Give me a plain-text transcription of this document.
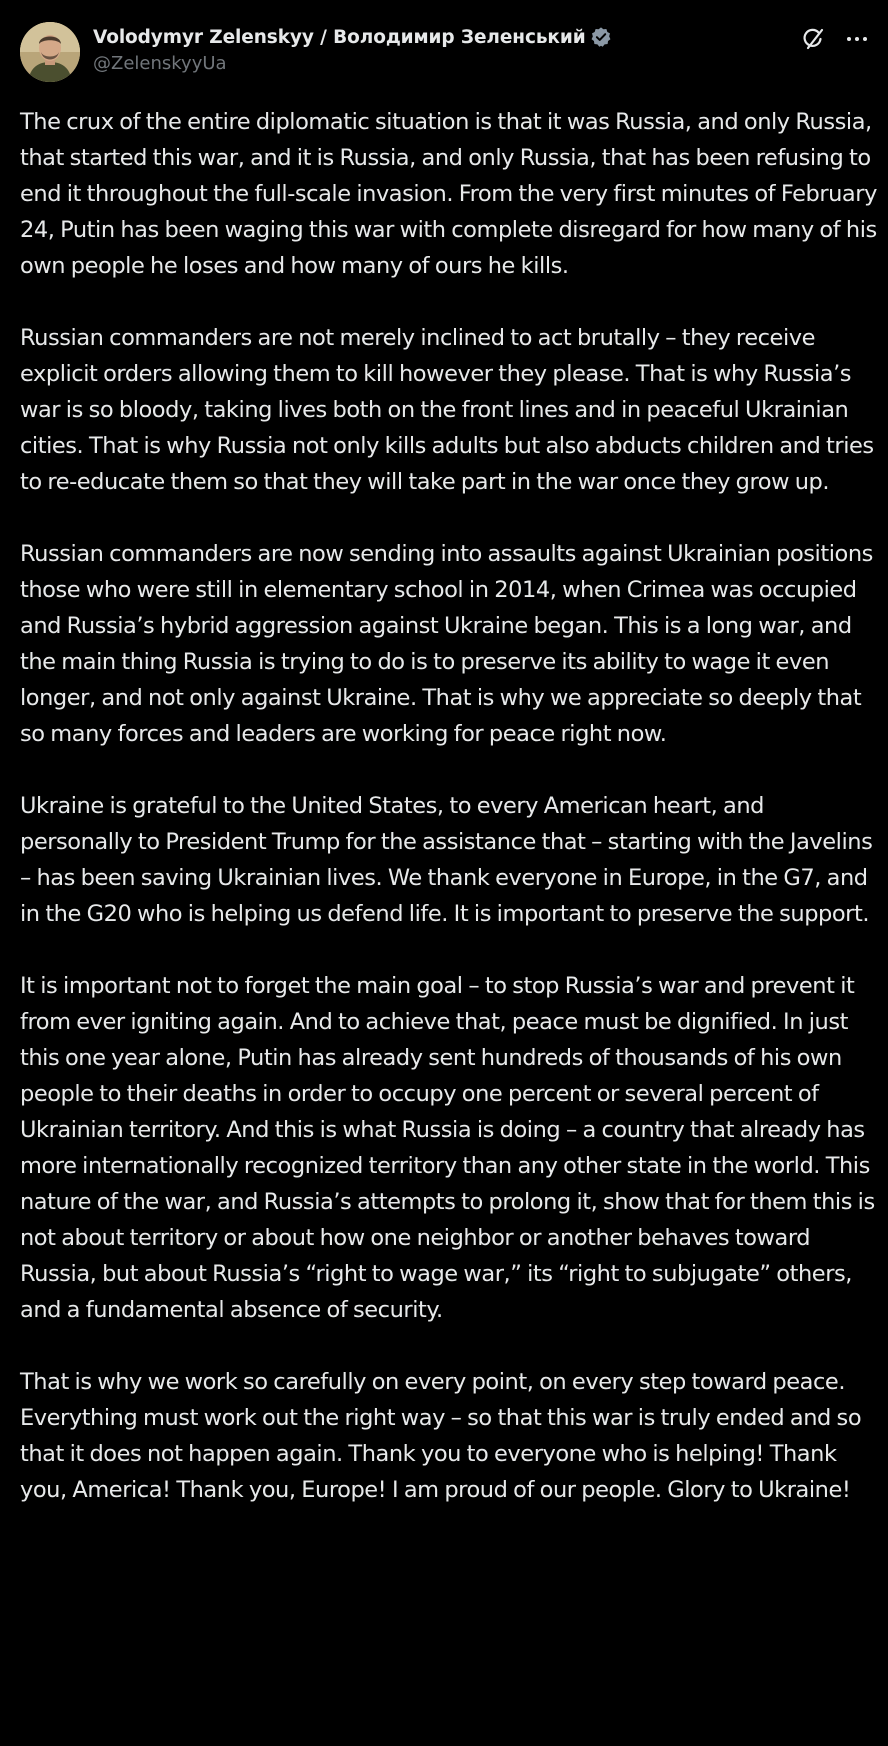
Volodymyr Zelenskyy / Володимир Зеленський
@ZelenskyyUa

The crux of the entire diplomatic situation is that it was Russia, and only Russia, that started this war, and it is Russia, and only Russia, that has been refusing to end it throughout the full-scale invasion. From the very first minutes of February 24, Putin has been waging this war with complete disregard for how many of his own people he loses and how many of ours he kills.

Russian commanders are not merely inclined to act brutally – they receive explicit orders allowing them to kill however they please. That is why Russia’s war is so bloody, taking lives both on the front lines and in peaceful Ukrainian cities. That is why Russia not only kills adults but also abducts children and tries to re-educate them so that they will take part in the war once they grow up.

Russian commanders are now sending into assaults against Ukrainian positions those who were still in elementary school in 2014, when Crimea was occupied and Russia’s hybrid aggression against Ukraine began. This is a long war, and the main thing Russia is trying to do is to preserve its ability to wage it even longer, and not only against Ukraine. That is why we appreciate so deeply that so many forces and leaders are working for peace right now.

Ukraine is grateful to the United States, to every American heart, and personally to President Trump for the assistance that – starting with the Javelins – has been saving Ukrainian lives. We thank everyone in Europe, in the G7, and in the G20 who is helping us defend life. It is important to preserve the support.

It is important not to forget the main goal – to stop Russia’s war and prevent it from ever igniting again. And to achieve that, peace must be dignified. In just this one year alone, Putin has already sent hundreds of thousands of his own people to their deaths in order to occupy one percent or several percent of Ukrainian territory. And this is what Russia is doing – a country that already has more internationally recognized territory than any other state in the world. This nature of the war, and Russia’s attempts to prolong it, show that for them this is not about territory or about how one neighbor or another behaves toward Russia, but about Russia’s “right to wage war,” its “right to subjugate” others, and a fundamental absence of security.

That is why we work so carefully on every point, on every step toward peace. Everything must work out the right way – so that this war is truly ended and so that it does not happen again. Thank you to everyone who is helping! Thank you, America! Thank you, Europe! I am proud of our people. Glory to Ukraine!
